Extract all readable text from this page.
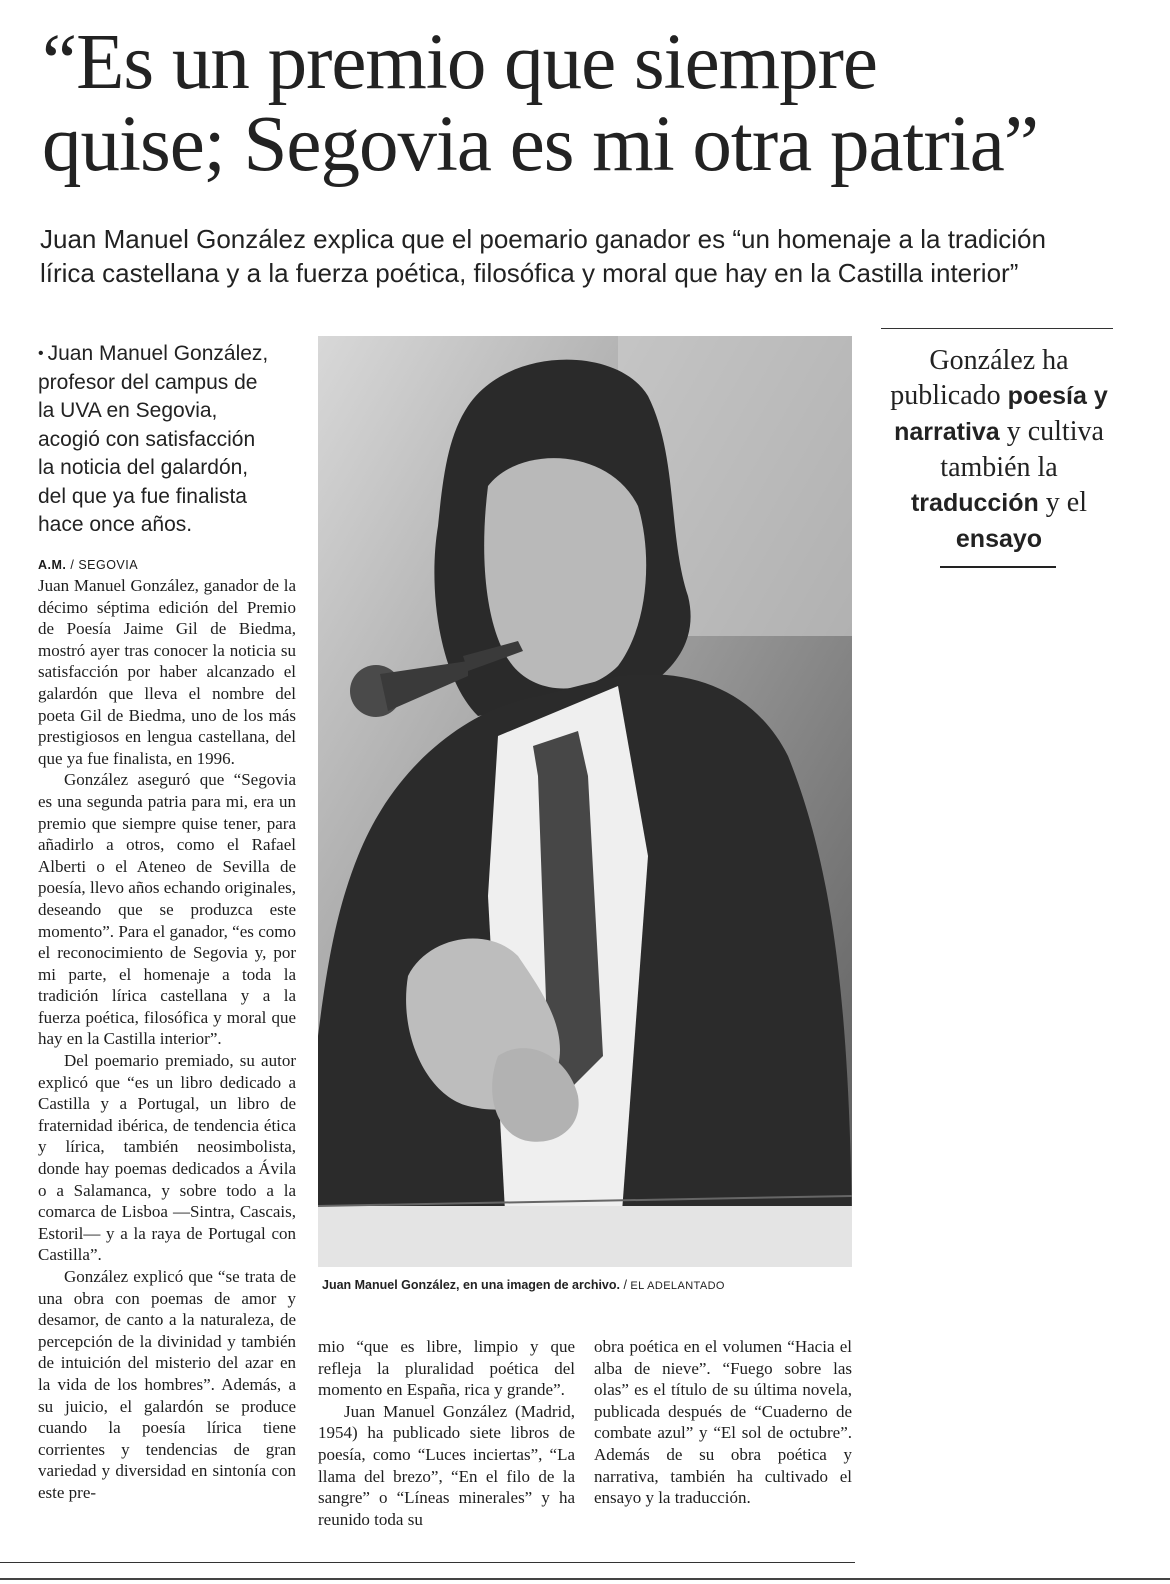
“Es un premio que siempre
quise; Segovia es mi otra patria”

Juan Manuel González explica que el poemario ganador es “un homenaje a la tradición
lírica castellana y a la fuerza poética, filosófica y moral que hay en la Castilla interior”

• Juan Manuel González, profesor del campus de la UVA en Segovia, acogió con satisfacción la noticia del galardón, del que ya fue finalista hace once años.

A.M. / SEGOVIA

Juan Manuel González, ganador de la décimo séptima edición del Premio de Poesía Jaime Gil de Biedma, mostró ayer tras conocer la noticia su satisfacción por haber alcanzado el galardón que lleva el nombre del poeta Gil de Biedma, uno de los más prestigiosos en lengua castellana, del que ya fue finalista, en 1996.

González aseguró que “Segovia es una segunda patria para mi, era un premio que siempre quise tener, para añadirlo a otros, como el Rafael Alberti o el Ateneo de Sevilla de poesía, llevo años echando originales, deseando que se produzca este momento”. Para el ganador, “es como el reconocimiento de Segovia y, por mi parte, el homenaje a toda la tradición lírica castellana y a la fuerza poética, filosófica y moral que hay en la Castilla interior”.

Del poemario premiado, su autor explicó que “es un libro dedicado a Castilla y a Portugal, un libro de fraternidad ibérica, de tendencia ética y lírica, también neosimbolista, donde hay poemas dedicados a Ávila o a Salamanca, y sobre todo a la comarca de Lisboa —Sintra, Cascais, Estoril— y a la raya de Portugal con Castilla”.

González explicó que “se trata de una obra con poemas de amor y desamor, de canto a la naturaleza, de percepción de la divinidad y también de intuición del misterio del azar en la vida de los hombres”. Además, a su juicio, el galardón se produce cuando la poesía lírica tiene corrientes y tendencias de gran variedad y diversidad en sintonía con este pre-

Juan Manuel González, en una imagen de archivo. / EL ADELANTADO

mio “que es libre, limpio y que refleja la pluralidad poética del momento en España, rica y grande”.

Juan Manuel González (Madrid, 1954) ha publicado siete libros de poesía, como “Luces inciertas”, “La llama del brezo”, “En el filo de la sangre” o “Líneas minerales” y ha reunido toda su

obra poética en el volumen “Hacia el alba de nieve”. “Fuego sobre las olas” es el título de su última novela, publicada después de “Cuaderno de combate azul” y “El sol de octubre”. Además de su obra poética y narrativa, también ha cultivado el ensayo y la traducción.

González ha publicado poesía y narrativa y cultiva también la traducción y el ensayo
